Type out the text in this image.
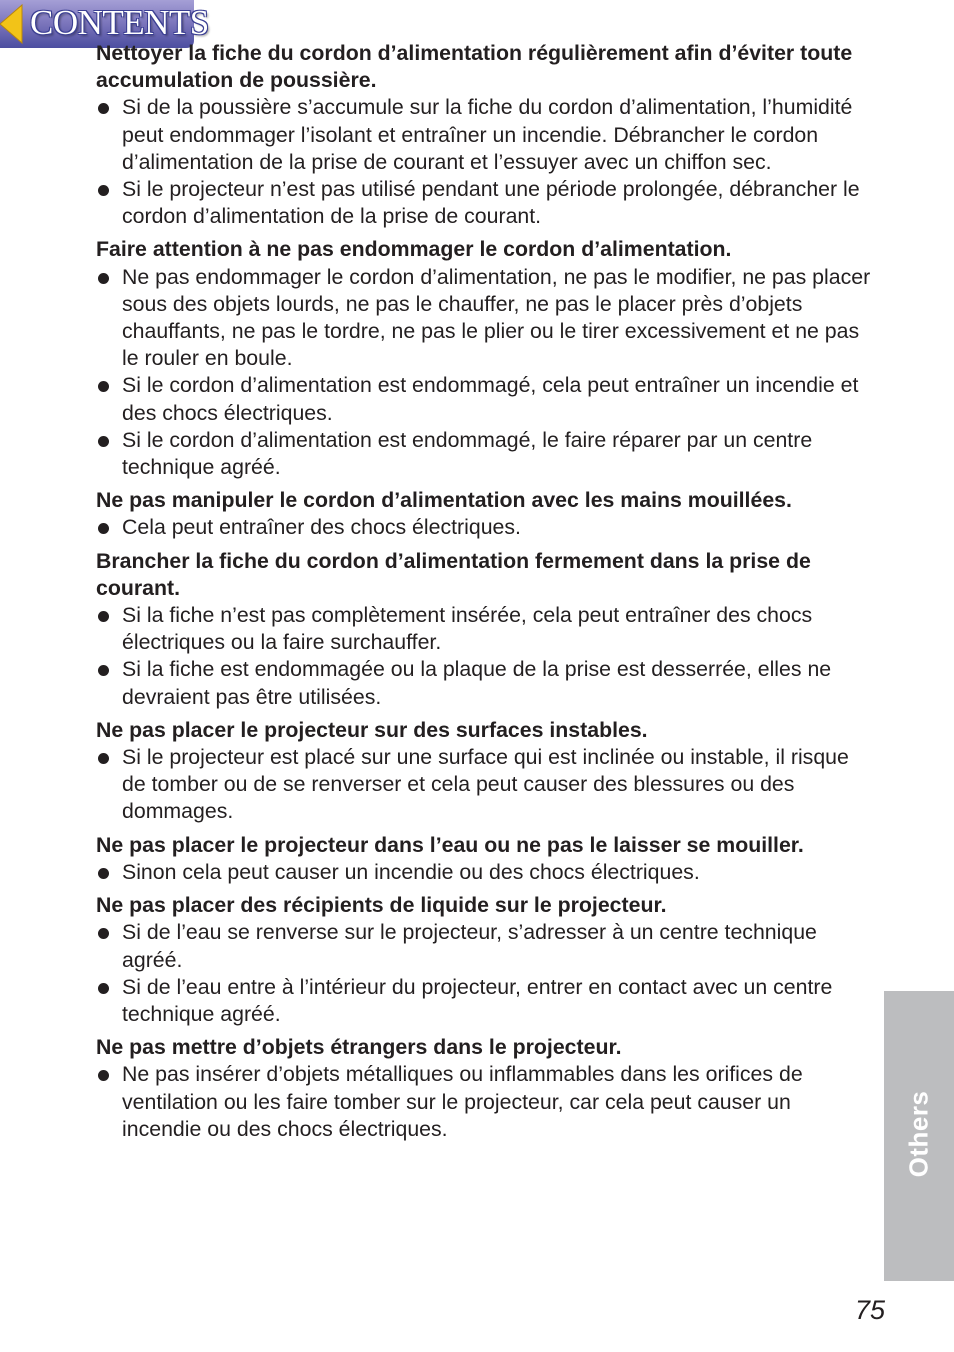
CONTENTS
Nettoyer la fiche du cordon d’alimentation régulièrement afin d’éviter toute accumulation de poussière.
Si de la poussière s’accumule sur la fiche du cordon d’alimentation, l’humidité peut endommager l’isolant et entraîner un incendie. Débrancher le cordon d’alimentation de la prise de courant et l’essuyer avec un chiffon sec.
Si le projecteur n’est pas utilisé pendant une période prolongée, débrancher le cordon d’alimentation de la prise de courant.
Faire attention à ne pas endommager le cordon d’alimentation.
Ne pas endommager le cordon d’alimentation, ne pas le modifier, ne pas placer sous des objets lourds, ne pas le chauffer, ne pas le placer près d’objets chauffants, ne pas le tordre, ne pas le plier ou le tirer excessivement et ne pas le rouler en boule.
Si le cordon d’alimentation est endommagé, cela peut entraîner un incendie et des chocs électriques.
Si le cordon d’alimentation est endommagé, le faire réparer par un centre technique agréé.
Ne pas manipuler le cordon d’alimentation avec les mains mouillées.
Cela peut entraîner des chocs électriques.
Brancher la fiche du cordon d’alimentation fermement dans la prise de courant.
Si la fiche n’est pas complètement insérée, cela peut entraîner des chocs électriques ou la faire surchauffer.
Si la fiche est endommagée ou la plaque de la prise est desserrée, elles ne devraient pas être utilisées.
Ne pas placer le projecteur sur des surfaces instables.
Si le projecteur est placé sur une surface qui est inclinée ou instable, il risque de tomber ou de se renverser et cela peut causer des blessures ou des dommages.
Ne pas placer le projecteur dans l’eau ou ne pas le laisser se mouiller.
Sinon cela peut causer un incendie ou des chocs électriques.
Ne pas placer des récipients de liquide sur le projecteur.
Si de l’eau se renverse sur le projecteur, s’adresser à un centre technique agréé.
Si de l’eau entre à l’intérieur du projecteur, entrer en contact avec un centre technique agréé.
Ne pas mettre d’objets étrangers dans le projecteur.
Ne pas insérer d’objets métalliques ou inflammables dans les orifices de ventilation ou les faire tomber sur le projecteur, car cela peut causer un incendie ou des chocs électriques.	Others
75
